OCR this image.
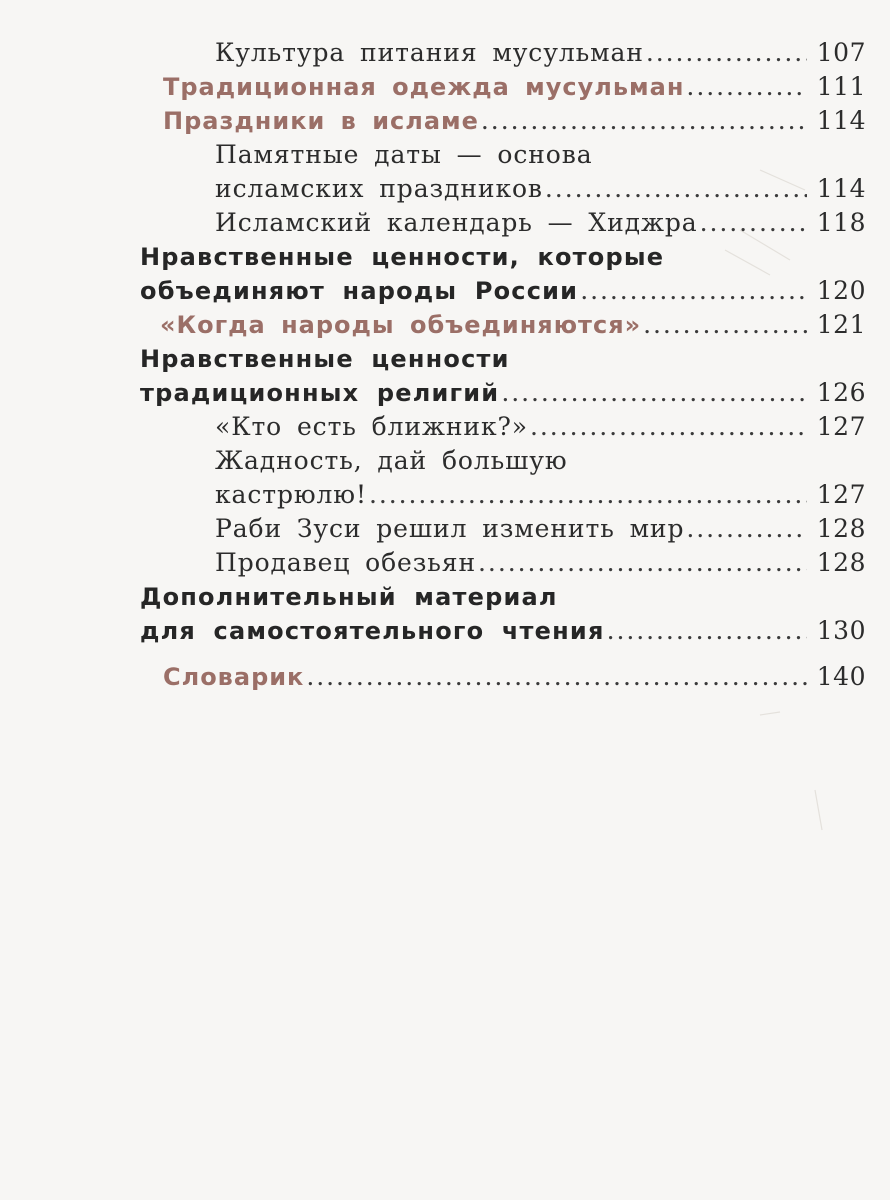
Культура питания мусульман . . .	107
Традиционная одежда мусульман . . .	111
Праздники в исламе . . .	114
Памятные даты — основа
исламских праздников . . .	114
Исламский календарь — Хиджра . . .	118
Нравственные ценности, которые
объединяют народы России . . .	120
«Когда народы объединяются» . . .	121
Нравственные ценности
традиционных религий . . .	126
«Кто есть ближник?» . . .	127
Жадность, дай большую
кастрюлю! . . .	127
Раби Зуси решил изменить мир . . .	128
Продавец обезьян . . .	128
Дополнительный материал
для самостоятельного чтения . . .	130
Словарик . . .	140
